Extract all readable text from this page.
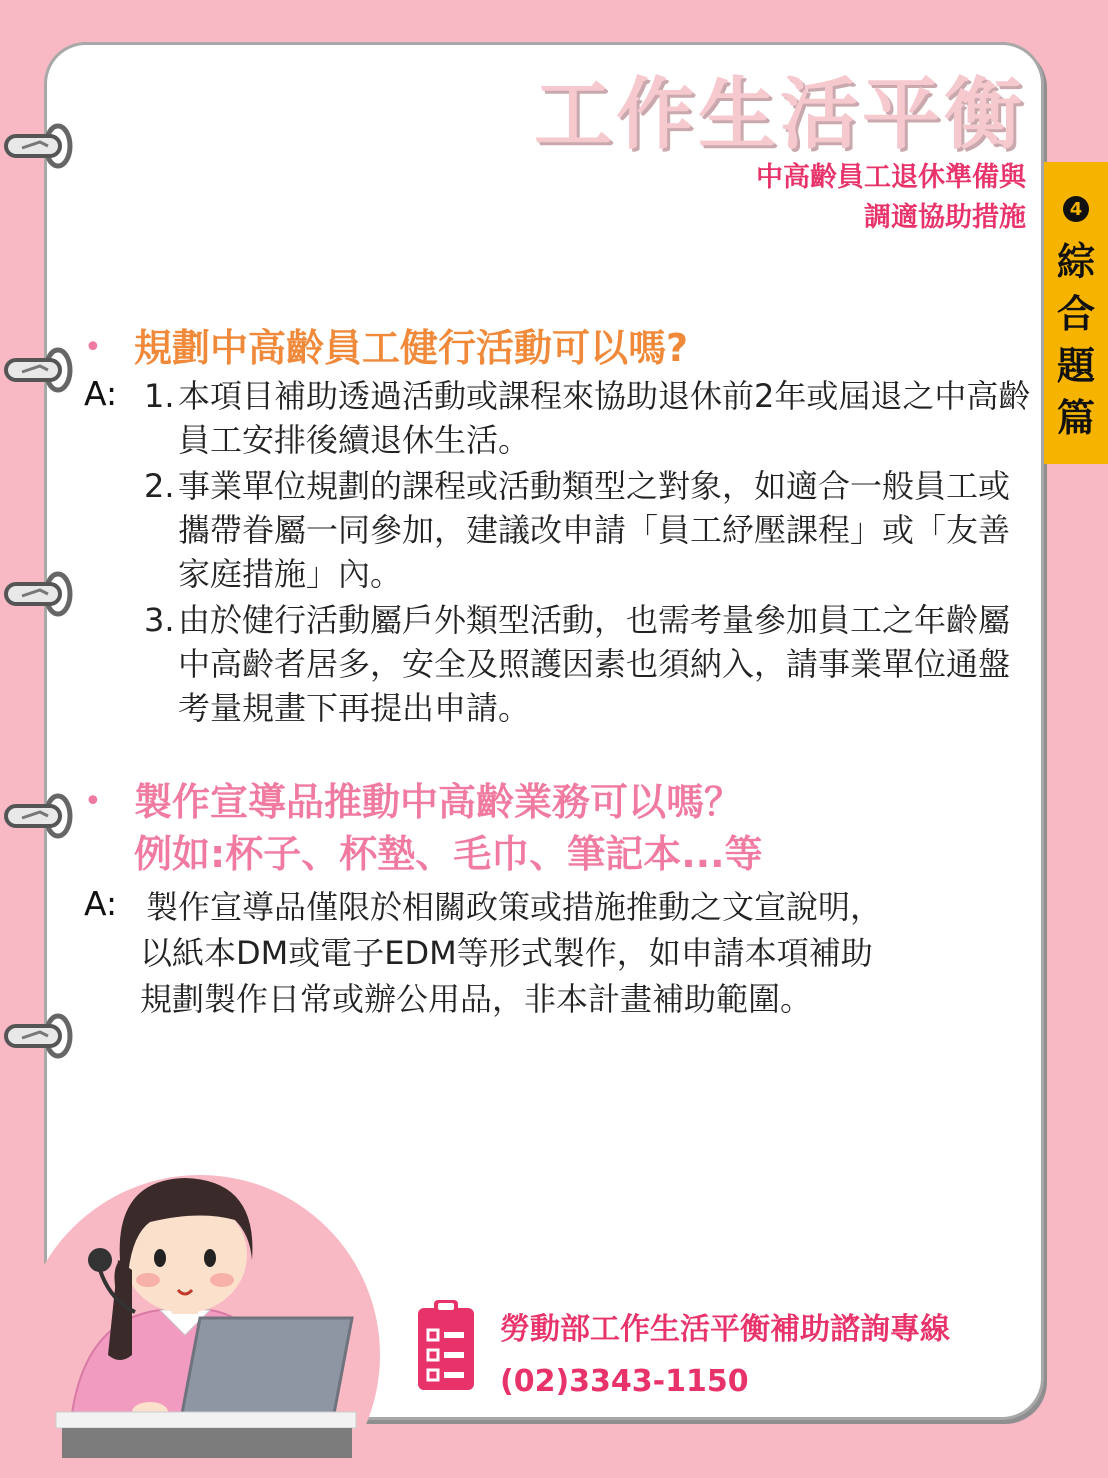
工作生活平衡
中高齡員工退休準備與
調適協助措施	4
綜
合
題
篇
• 規劃中高齡員工健行活動可以嗎?
A: 1. 本項目補助透過活動或課程來協助退休前2年或屆退之中高齡員工安排後續退休生活。

2. 事業單位規劃的課程或活動類型之對象，如適合一般員工或攜帶眷屬一同參加，建議改申請「員工紓壓課程」或「友善家庭措施」內。

3. 由於健行活動屬戶外類型活動，也需考量參加員工之年齡屬中高齡者居多，安全及照護因素也須納入，請事業單位通盤考量規畫下再提出申請。

• 製作宣導品推動中高齡業務可以嗎？
例如:杯子、杯墊、毛巾、筆記本...等
A: 製作宣導品僅限於相關政策或措施推動之文宣說明，

以紙本DM或電子EDM等形式製作，如申請本項補助

規劃製作日常或辦公用品，非本計畫補助範圍。

勞動部工作生活平衡補助諮詢專線
(02)3343-1150
